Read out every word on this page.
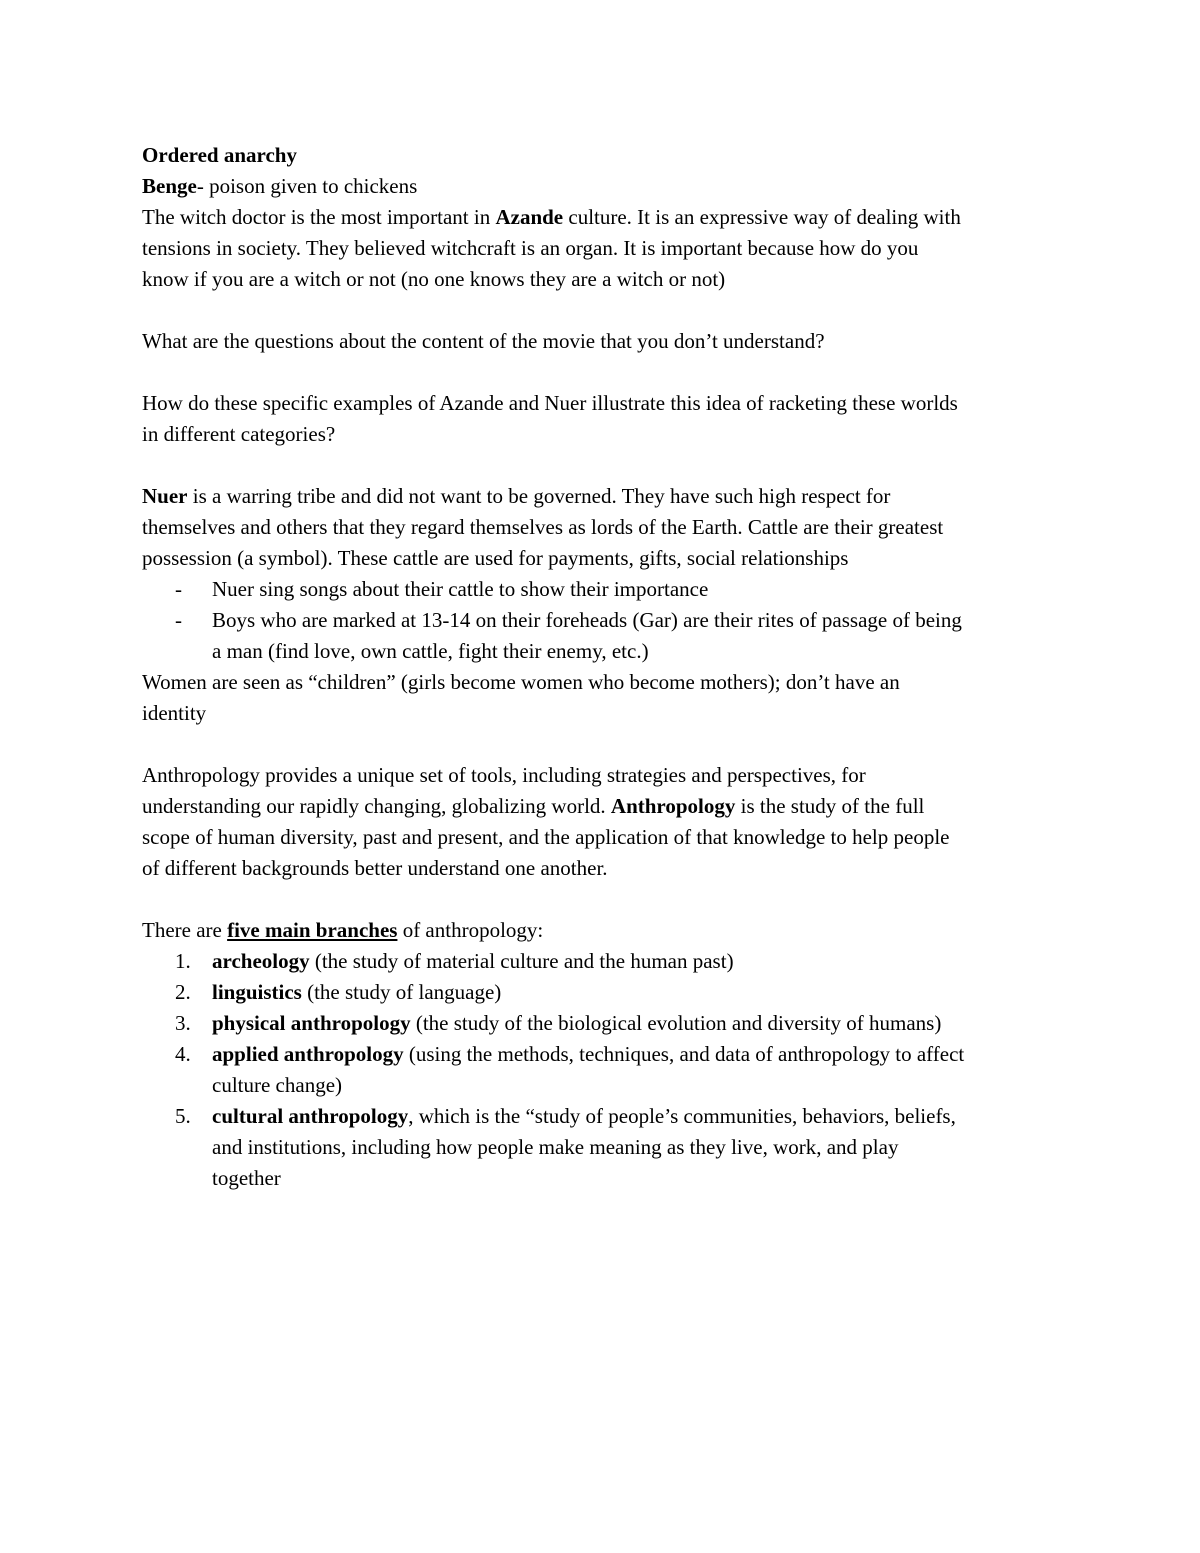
Ordered anarchy
Benge- poison given to chickens
The witch doctor is the most important in Azande culture. It is an expressive way of dealing with
tensions in society. They believed witchcraft is an organ. It is important because how do you
know if you are a witch or not (no one knows they are a witch or not)
What are the questions about the content of the movie that you don’t understand?
How do these specific examples of Azande and Nuer illustrate this idea of racketing these worlds
in different categories?
Nuer is a warring tribe and did not want to be governed. They have such high respect for
themselves and others that they regard themselves as lords of the Earth. Cattle are their greatest
possession (a symbol). These cattle are used for payments, gifts, social relationships
- Nuer sing songs about their cattle to show their importance
- Boys who are marked at 13-14 on their foreheads (Gar) are their rites of passage of being
a man (find love, own cattle, fight their enemy, etc.)
Women are seen as “children” (girls become women who become mothers); don’t have an
identity
Anthropology provides a unique set of tools, including strategies and perspectives, for
understanding our rapidly changing, globalizing world. Anthropology is the study of the full
scope of human diversity, past and present, and the application of that knowledge to help people
of different backgrounds better understand one another.
There are five main branches of anthropology:
1. archeology (the study of material culture and the human past)
2. linguistics (the study of language)
3. physical anthropology (the study of the biological evolution and diversity of humans)
4. applied anthropology (using the methods, techniques, and data of anthropology to affect
culture change)
5. cultural anthropology, which is the “study of people’s communities, behaviors, beliefs,
and institutions, including how people make meaning as they live, work, and play
together
